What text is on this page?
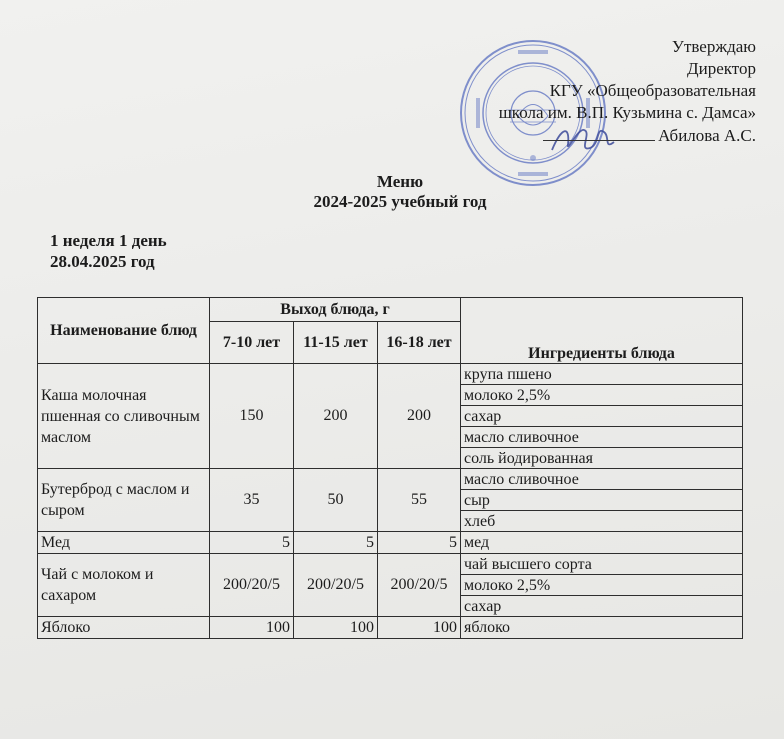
Утверждаю
Директор
КГУ «Общеобразовательная
школа им. В.П. Кузьмина с. Дамса»
Абилова А.С.
Меню
2024-2025 учебный год
1 неделя 1 день
28.04.2025 год
Наименование блюд	Выход блюда, г			Ингредиенты блюда
	7-10 лет	11-15 лет	16-18 лет	
Каша молочная пшенная со сливочным маслом	150	200	200	крупа пшено
				молоко 2,5%
				сахар
				масло сливочное
				соль йодированная
Бутерброд с маслом и сыром	35	50	55	масло сливочное
				сыр
				хлеб
Мед	5	5	5	мед
Чай с молоком и сахаром	200/20/5	200/20/5	200/20/5	чай высшего сорта
				молоко 2,5%
				сахар
Яблоко	100	100	100	яблоко
